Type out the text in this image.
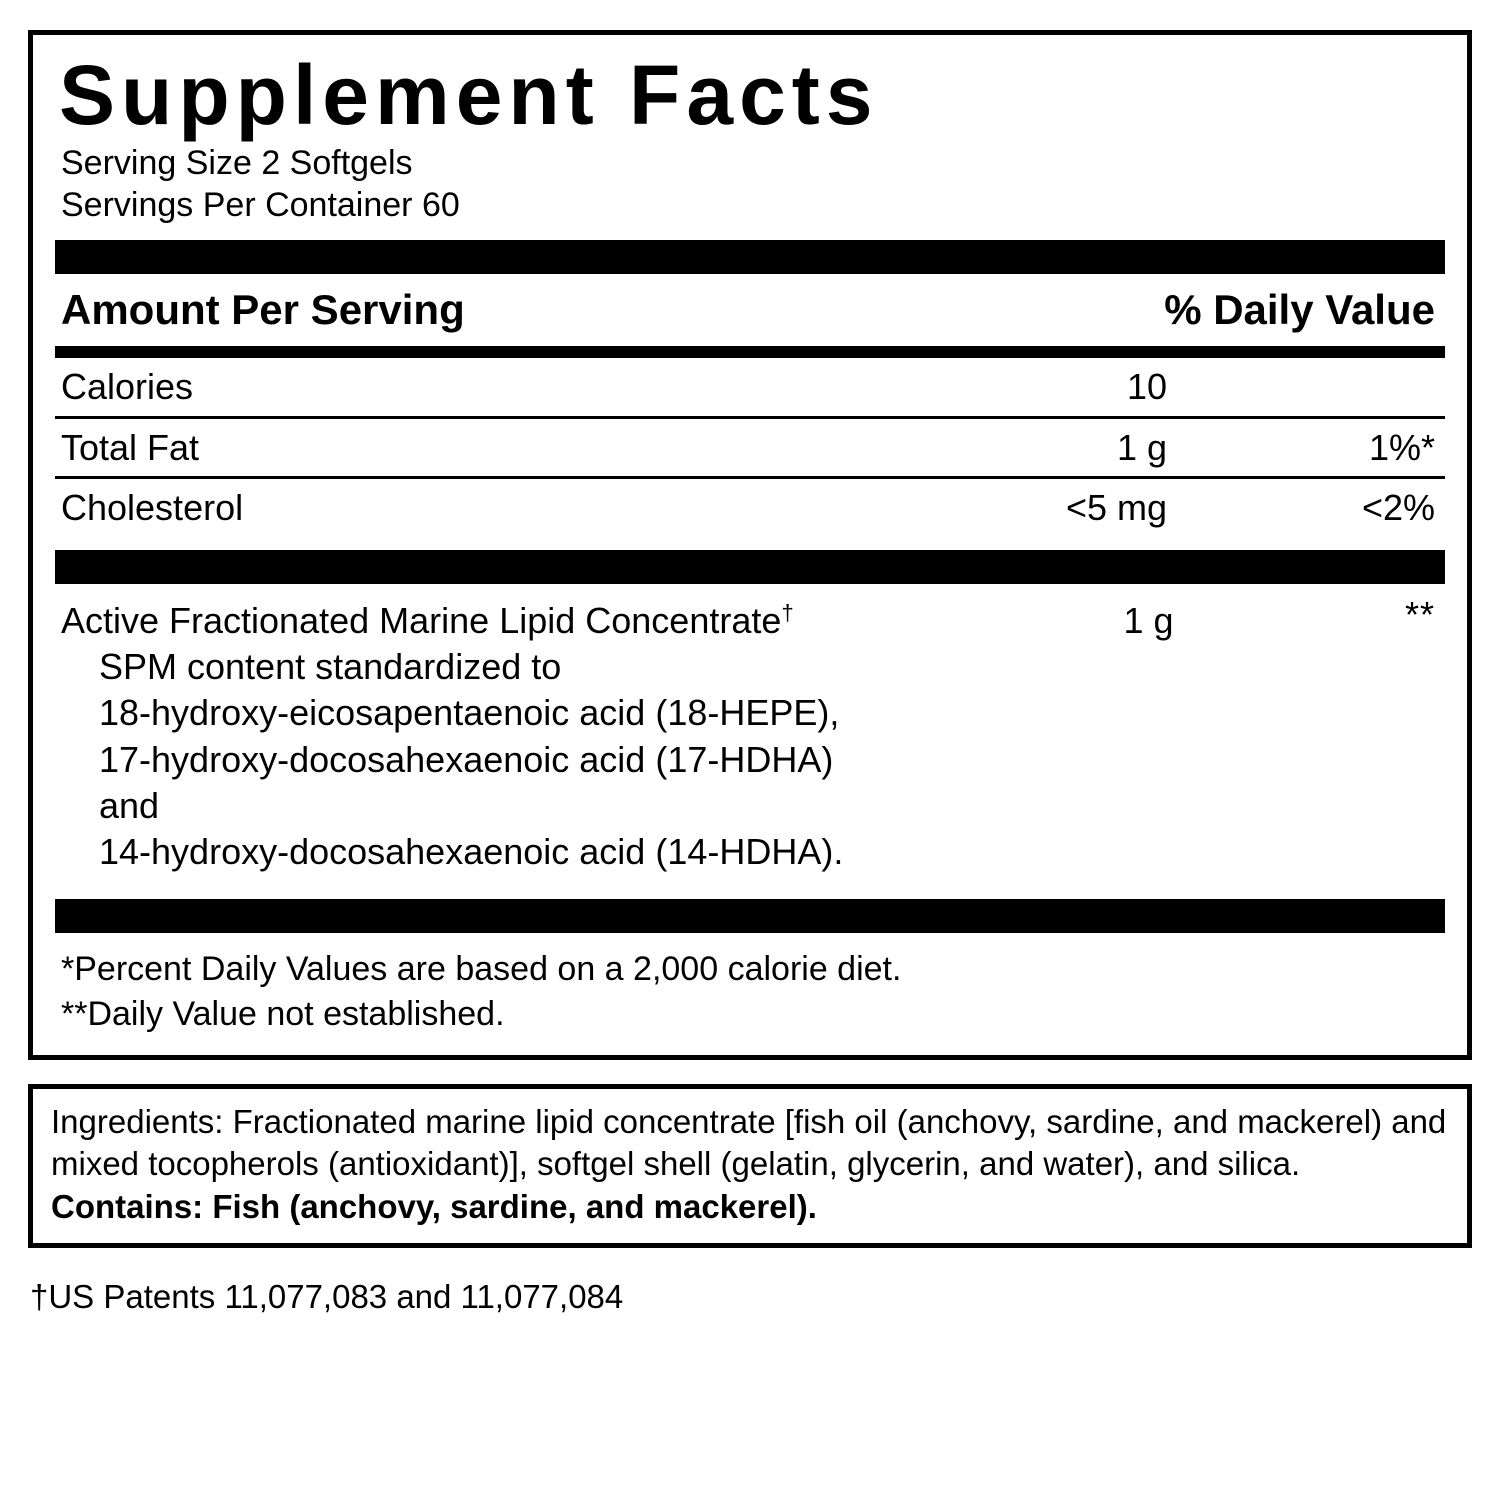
Supplement Facts
Serving Size 2 Softgels
Servings Per Container 60
Amount Per Serving	% Daily Value
Calories	10
Total Fat	1 g	1%*
Cholesterol	<5 mg	<2%
Active Fractionated Marine Lipid Concentrate†
SPM content standardized to
18-hydroxy-eicosapentaenoic acid (18-HEPE),
17-hydroxy-docosahexaenoic acid (17-HDHA) and
14-hydroxy-docosahexaenoic acid (14-HDHA).
1 g	**
*Percent Daily Values are based on a 2,000 calorie diet.
**Daily Value not established.
Ingredients: Fractionated marine lipid concentrate [fish oil (anchovy, sardine, and mackerel) and mixed tocopherols (antioxidant)], softgel shell (gelatin, glycerin, and water), and silica. Contains: Fish (anchovy, sardine, and mackerel).
†US Patents 11,077,083 and 11,077,084
